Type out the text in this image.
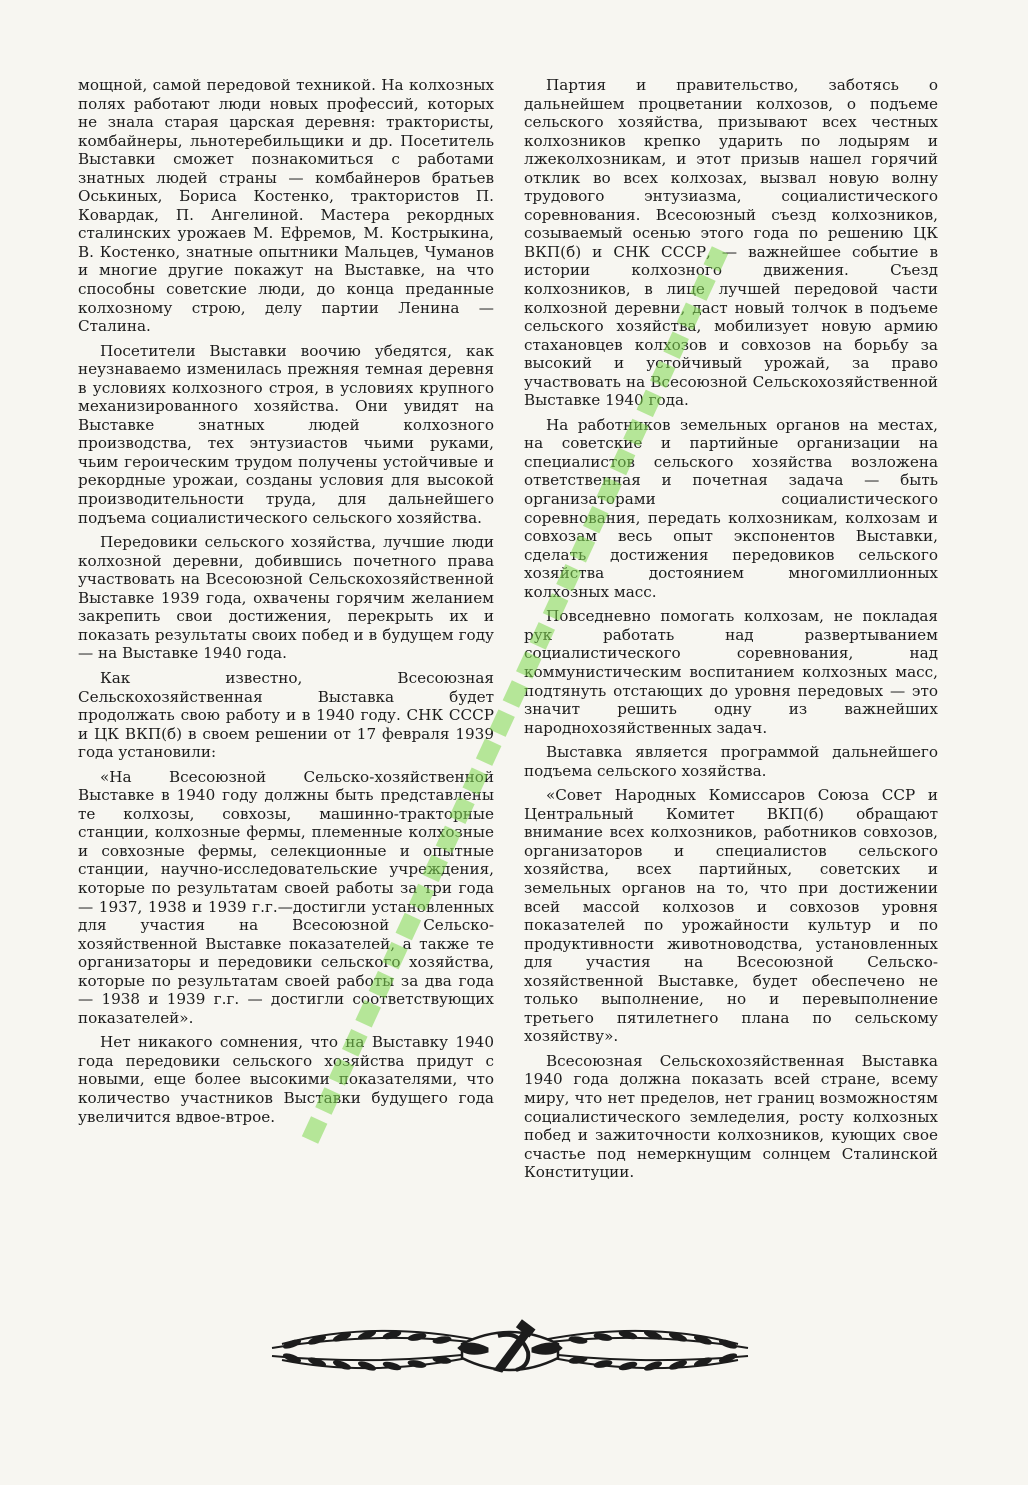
мощной, самой передовой техникой. На колхозных полях работают люди новых профессий, которых не знала старая царская деревня: трактористы, комбайнеры, льнотеребильщики и др. Посетитель Выставки сможет познакомиться с работами знатных людей страны — комбайнеров братьев Оськиных, Бориса Костенко, трактористов П. Ковардак, П. Ангелиной. Мастера рекордных сталинских урожаев М. Ефремов, М. Кострыкина, В. Костенко, знатные опытники Мальцев, Чуманов и многие другие покажут на Выставке, на что способны советские люди, до конца преданные колхозному строю, делу партии Ленина — Сталина.

Посетители Выставки воочию убедятся, как неузнаваемо изменилась прежняя темная деревня в условиях колхозного строя, в условиях крупного механизированного хозяйства. Они увидят на Выставке знатных людей колхозного производства, тех энтузиастов чьими руками, чьим героическим трудом получены устойчивые и рекордные урожаи, созданы условия для высокой производительности труда, для дальнейшего подъема социалистического сельского хозяйства.

Передовики сельского хозяйства, лучшие люди колхозной деревни, добившись почетного права участвовать на Всесоюзной Сельскохозяйственной Выставке 1939 года, охвачены горячим желанием закрепить свои достижения, перекрыть их и показать результаты своих побед и в будущем году — на Выставке 1940 года.

Как известно, Всесоюзная Сельскохозяйственная Выставка будет продолжать свою работу и в 1940 году. СНК СССР и ЦК ВКП(б) в своем решении от 17 февраля 1939 года установили:

«На Всесоюзной Сельско-хозяйственной Выставке в 1940 году должны быть представлены те колхозы, совхозы, машинно-тракторные станции, колхозные фермы, племенные колхозные и совхозные фермы, селекционные и опытные станции, научно-исследовательские учреждения, которые по результатам своей работы за три года — 1937, 1938 и 1939 г.г.—достигли установленных для участия на Всесоюзной Сельско-хозяйственной Выставке показателей, а также те организаторы и передовики сельского хозяйства, которые по результатам своей работы за два года — 1938 и 1939 г.г. — достигли соответствующих показателей».

Нет никакого сомнения, что на Выставку 1940 года передовики сельского хозяйства придут с новыми, еще более высокими показателями, что количество участников Выставки будущего года увеличится вдвое-втрое.

Партия и правительство, заботясь о дальнейшем процветании колхозов, о подъеме сельского хозяйства, призывают всех честных колхозников крепко ударить по лодырям и лжеколхозникам, и этот призыв нашел горячий отклик во всех колхозах, вызвал новую волну трудового энтузиазма, социалистического соревнования. Всесоюзный съезд колхозников, созываемый осенью этого года по решению ЦК ВКП(б) и СНК СССР, — важнейшее событие в истории колхозного движения. Съезд колхозников, в лице лучшей передовой части колхозной деревни, даст новый толчок в подъеме сельского хозяйства, мобилизует новую армию стахановцев колхозов и совхозов на борьбу за высокий и устойчивый урожай, за право участвовать на Всесоюзной Сельскохозяйственной Выставке 1940 года.

На работников земельных органов на местах, на советские и партийные организации на специалистов сельского хозяйства возложена ответственная и почетная задача — быть организаторами социалистического соревнования, передать колхозникам, колхозам и совхозам весь опыт экспонентов Выставки, сделать достижения передовиков сельского хозяйства достоянием многомиллионных колхозных масс.

Повседневно помогать колхозам, не покладая рук работать над развертыванием социалистического соревнования, над коммунистическим воспитанием колхозных масс, подтянуть отстающих до уровня передовых — это значит решить одну из важнейших народнохозяйственных задач.

Выставка является программой дальнейшего подъема сельского хозяйства.

«Совет Народных Комиссаров Союза ССР и Центральный Комитет ВКП(б) обращают внимание всех колхозников, работников совхозов, организаторов и специалистов сельского хозяйства, всех партийных, советских и земельных органов на то, что при достижении всей массой колхозов и совхозов уровня показателей по урожайности культур и по продуктивности животноводства, установленных для участия на Всесоюзной Сельско-хозяйственной Выставке, будет обеспечено не только выполнение, но и перевыполнение третьего пятилетнего плана по сельскому хозяйству».

Всесоюзная Сельскохозяйственная Выставка 1940 года должна показать всей стране, всему миру, что нет пределов, нет границ возможностям социалистического земледелия, росту колхозных побед и зажиточности колхозников, кующих свое счастье под немеркнущим солнцем Сталинской Конституции.
